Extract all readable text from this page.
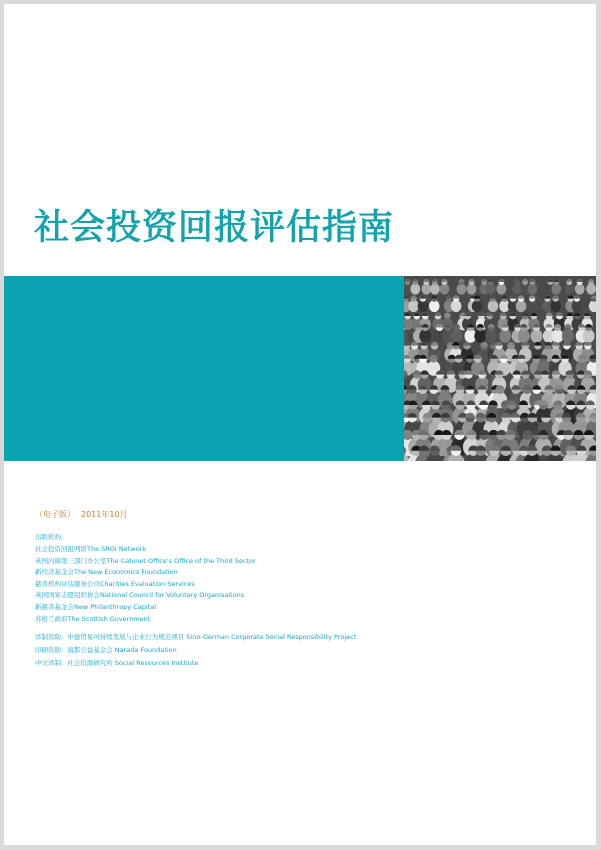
社会投资回报评估指南
（电子版） 2011年10月
出版机构:
社会投资回报网络The SROI Network
英国内阁第三部门办公室The Cabinet Office's Office of the Third Sector
新经济基金会The New Economics Foundation
慈善机构评估服务公司Charities Evaluation Services
英国国家志愿组织协会National Council for Voluntary Organisations
新慈善基金会New Philanthropy Capital
苏格兰政府The Scottish Government
译制资助: 中德贸易可持续发展与企业行为规范项目 Sino-German Corporate Social Responsibility Project
印刷资助: 南都公益基金会 Narada Foundation
中文译制: 社会资源研究所 Social Resources Institute
